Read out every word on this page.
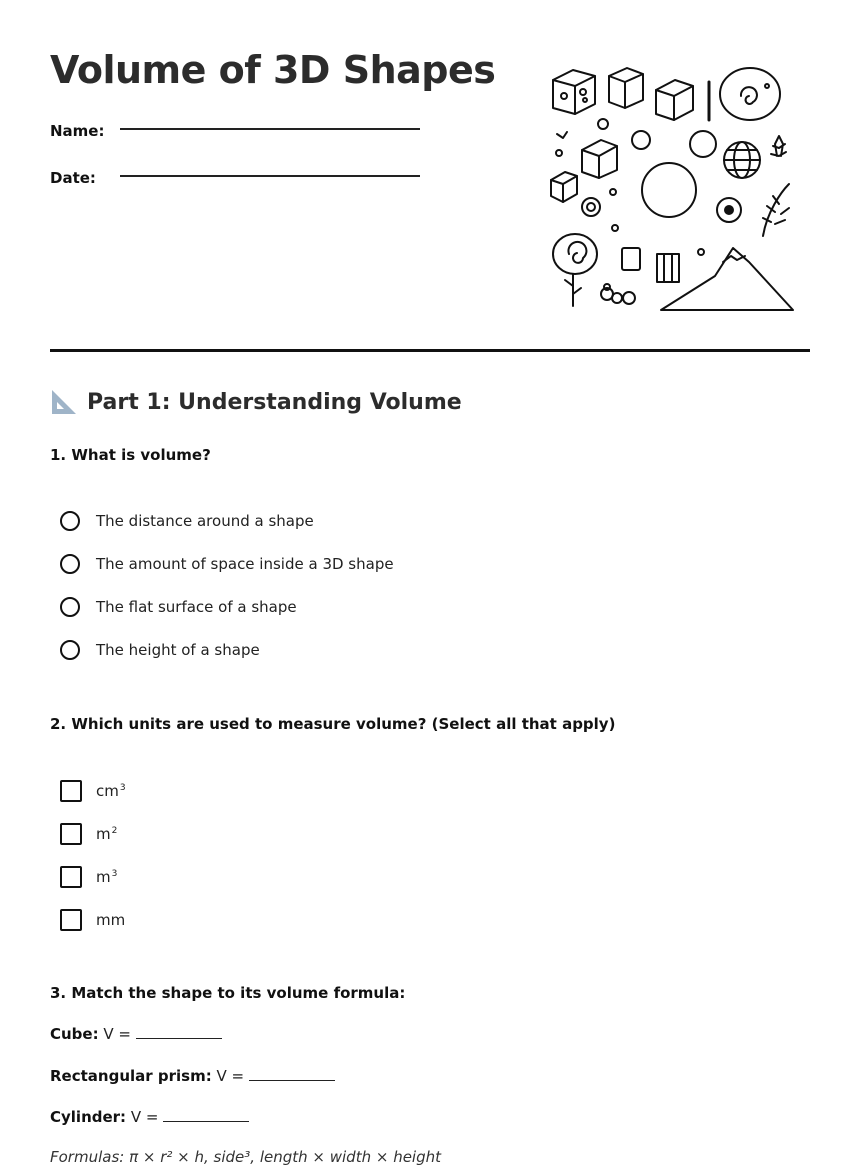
Volume of 3D Shapes
Name:
Date:
Part 1: Understanding Volume
1. What is volume?
The distance around a shape
The amount of space inside a 3D shape
The flat surface of a shape
The height of a shape
2. Which units are used to measure volume? (Select all that apply)
$cm^3$
$m^2$
$m^3$
mm
3. Match the shape to its volume formula:
Cube: V =
Rectangular prism: V =
Cylinder: V =
Formulas: π × r² × h, side³, length × width × height
